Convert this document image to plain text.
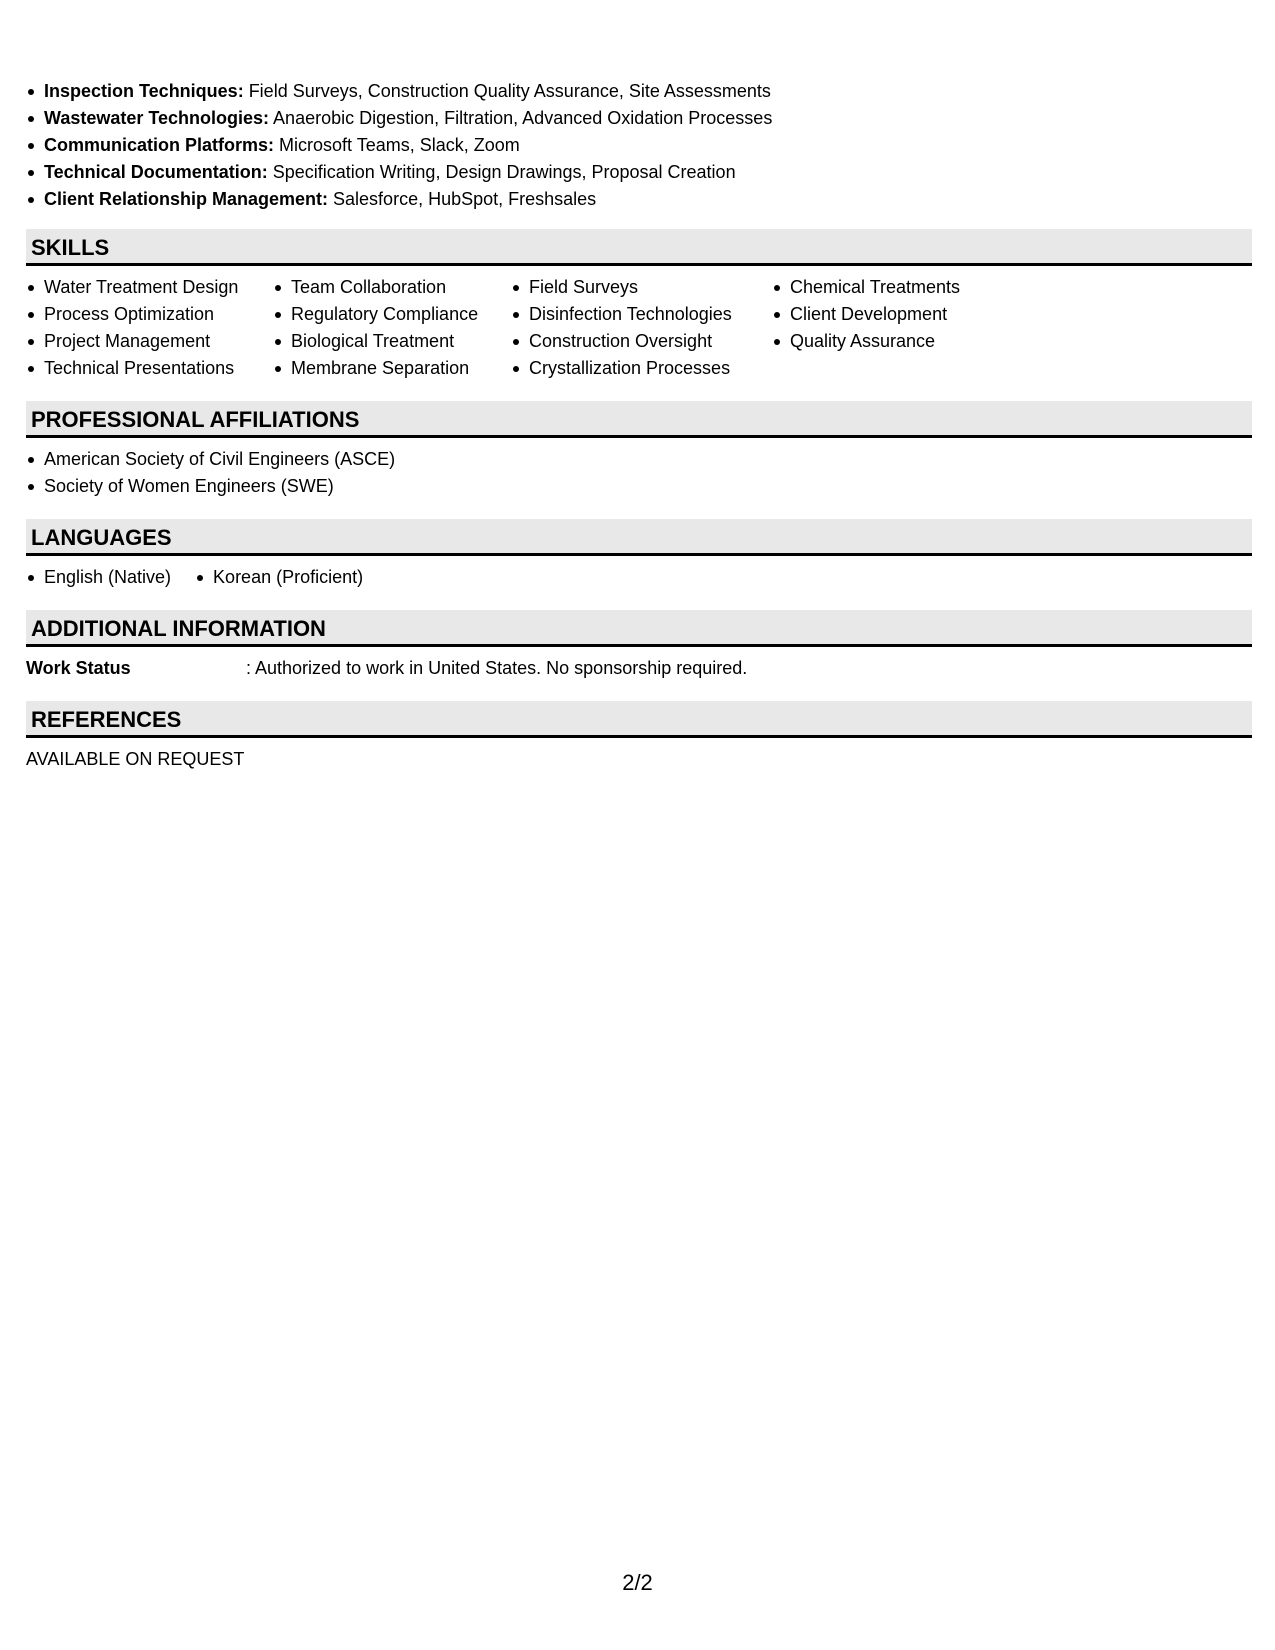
Inspection Techniques: Field Surveys, Construction Quality Assurance, Site Assessments
Wastewater Technologies: Anaerobic Digestion, Filtration, Advanced Oxidation Processes
Communication Platforms: Microsoft Teams, Slack, Zoom
Technical Documentation: Specification Writing, Design Drawings, Proposal Creation
Client Relationship Management: Salesforce, HubSpot, Freshsales
SKILLS
Water Treatment Design
Process Optimization
Project Management
Technical Presentations
Team Collaboration
Regulatory Compliance
Biological Treatment
Membrane Separation
Field Surveys
Disinfection Technologies
Construction Oversight
Crystallization Processes
Chemical Treatments
Client Development
Quality Assurance
PROFESSIONAL AFFILIATIONS
American Society of Civil Engineers (ASCE)
Society of Women Engineers (SWE)
LANGUAGES
English (Native)	Korean (Proficient)
ADDITIONAL INFORMATION
Work Status	: Authorized to work in United States. No sponsorship required.
REFERENCES
AVAILABLE ON REQUEST
2/2
